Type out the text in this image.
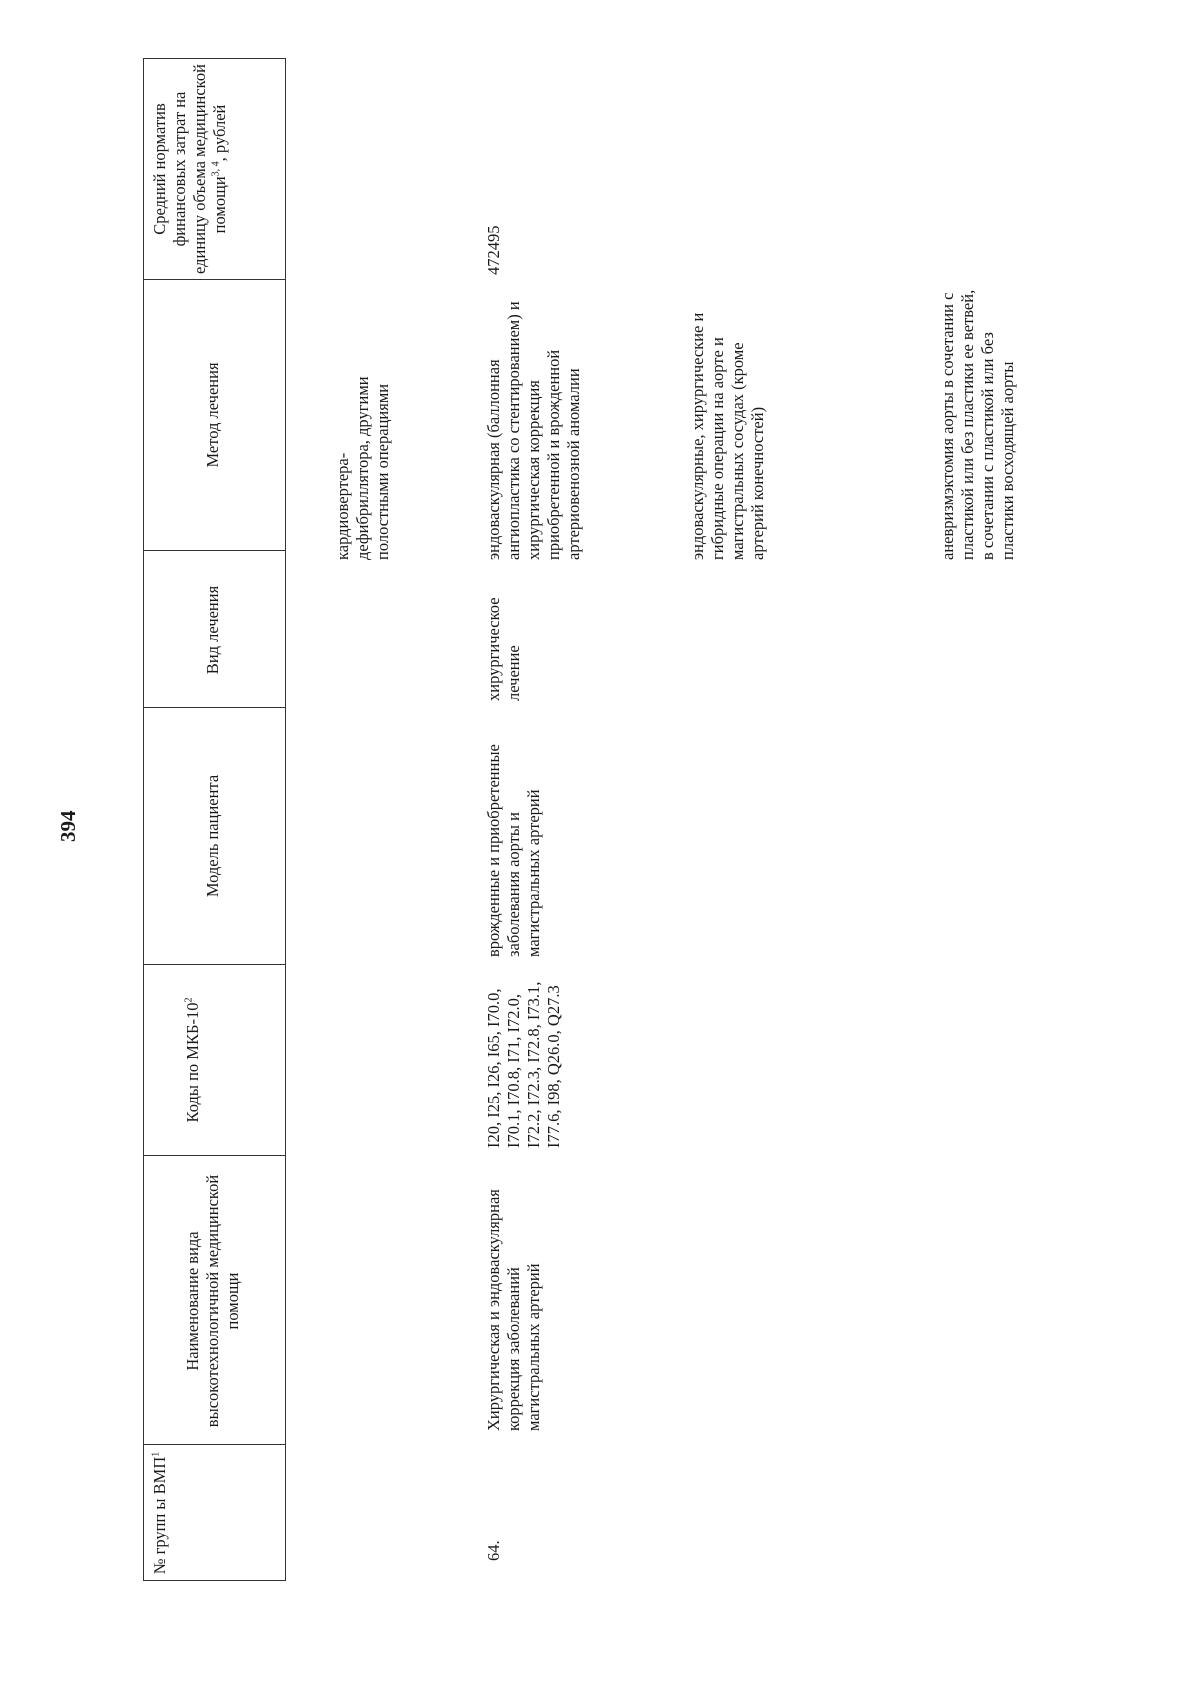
394
№ групп ы ВМП$^1$
Наименование вида высокотехнологичной медицинской помощи
Коды по МКБ-$10^2$
Модель пациента
Вид лечения
Метод лечения
Средний норматив финансовых затрат на единицу объема медицинской помощи$^{3, 4}$, рублей
кардиовертера-дефибриллятора, другими полостными операциями
64.
Хирургическая и эндоваскулярная коррекция заболеваний магистральных артерий
I20, I25, I26, I65, I70.0, I70.1, I70.8, I71, I72.0, I72.2, I72.3, I72.8, I73.1, I77.6, I98, Q26.0, Q27.3
врожденные и приобретенные заболевания аорты и магистральных артерий
хирургическое лечение
эндоваскулярная (баллонная ангиопластика со стентированием) и хирургическая коррекция приобретенной и врожденной артериовенозной аномалии	эндоваскулярные, хирургические и гибридные операции на аорте и магистральных сосудах (кроме артерий конечностей)	аневризмэктомия аорты в сочетании с пластикой или без пластики ее ветвей, в сочетании с пластикой или без пластики восходящей аорты
472495
